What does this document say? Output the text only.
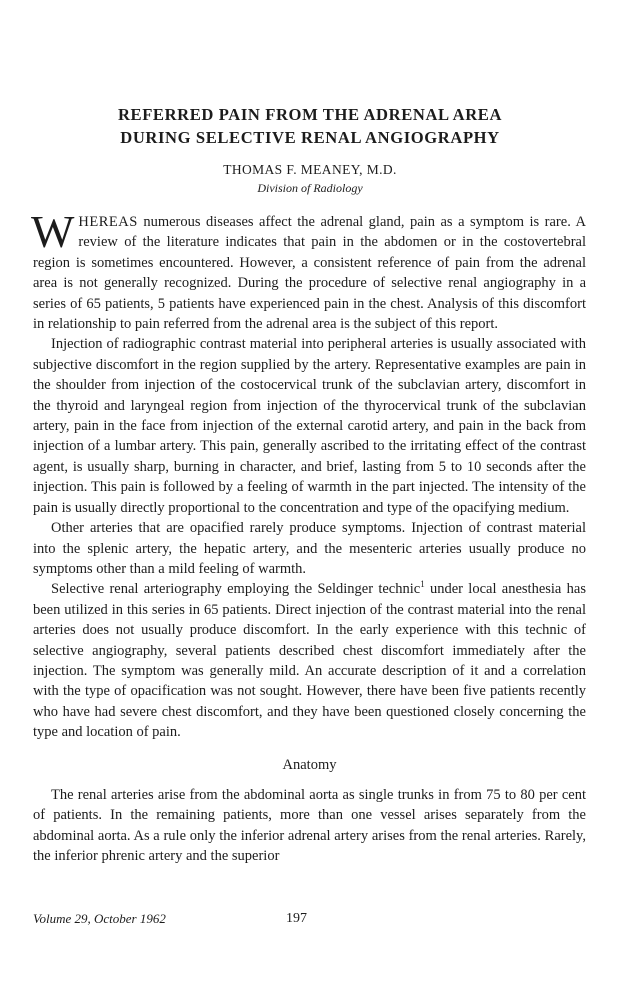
REFERRED PAIN FROM THE ADRENAL AREA
DURING SELECTIVE RENAL ANGIOGRAPHY

THOMAS F. MEANEY, M.D.

Division of Radiology

WHEREAS numerous diseases affect the adrenal gland, pain as a symptom is rare. A review of the literature indicates that pain in the abdomen or in the costovertebral region is sometimes encountered. However, a consistent reference of pain from the adrenal area is not generally recognized. During the procedure of selective renal angiography in a series of 65 patients, 5 patients have experienced pain in the chest. Analysis of this discomfort in relationship to pain referred from the adrenal area is the subject of this report.

Injection of radiographic contrast material into peripheral arteries is usually associated with subjective discomfort in the region supplied by the artery. Representative examples are pain in the shoulder from injection of the costocervical trunk of the subclavian artery, discomfort in the thyroid and laryngeal region from injection of the thyrocervical trunk of the subclavian artery, pain in the face from injection of the external carotid artery, and pain in the back from injection of a lumbar artery. This pain, generally ascribed to the irritating effect of the contrast agent, is usually sharp, burning in character, and brief, lasting from 5 to 10 seconds after the injection. This pain is followed by a feeling of warmth in the part injected. The intensity of the pain is usually directly proportional to the concentration and type of the opacifying medium.

Other arteries that are opacified rarely produce symptoms. Injection of contrast material into the splenic artery, the hepatic artery, and the mesenteric arteries usually produce no symptoms other than a mild feeling of warmth.

Selective renal arteriography employing the Seldinger technic$^1$ under local anesthesia has been utilized in this series in 65 patients. Direct injection of the contrast material into the renal arteries does not usually produce discomfort. In the early experience with this technic of selective angiography, several patients described chest discomfort immediately after the injection. The symptom was generally mild. An accurate description of it and a correlation with the type of opacification was not sought. However, there have been five patients recently who have had severe chest discomfort, and they have been questioned closely concerning the type and location of pain.

Anatomy

The renal arteries arise from the abdominal aorta as single trunks in from 75 to 80 per cent of patients. In the remaining patients, more than one vessel arises separately from the abdominal aorta. As a rule only the inferior adrenal artery arises from the renal arteries. Rarely, the inferior phrenic artery and the superior

Volume 29, October 1962	197
